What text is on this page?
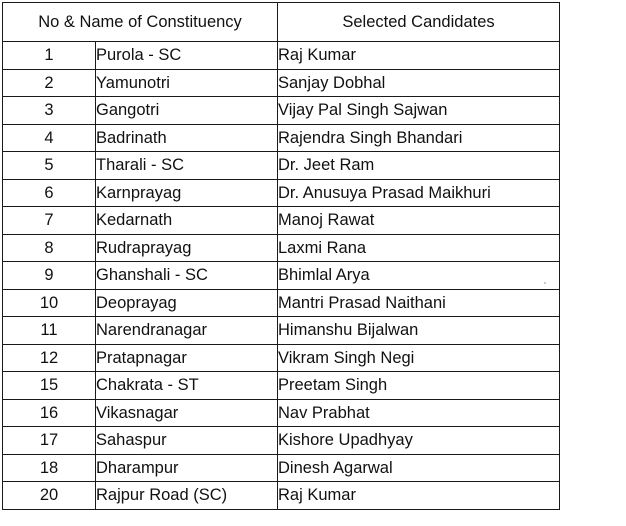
No & Name of Constituency		Selected Candidates
1	Purola - SC	Raj Kumar
2	Yamunotri	Sanjay Dobhal
3	Gangotri	Vijay Pal Singh Sajwan
4	Badrinath	Rajendra Singh Bhandari
5	Tharali - SC	Dr. Jeet Ram
6	Karnprayag	Dr. Anusuya Prasad Maikhuri
7	Kedarnath	Manoj Rawat
8	Rudraprayag	Laxmi Rana
9	Ghanshali - SC	Bhimlal Arya
10	Deoprayag	Mantri Prasad Naithani
11	Narendranagar	Himanshu Bijalwan
12	Pratapnagar	Vikram Singh Negi
15	Chakrata - ST	Preetam Singh
16	Vikasnagar	Nav Prabhat
17	Sahaspur	Kishore Upadhyay
18	Dharampur	Dinesh Agarwal
20	Rajpur Road (SC)	Raj Kumar
